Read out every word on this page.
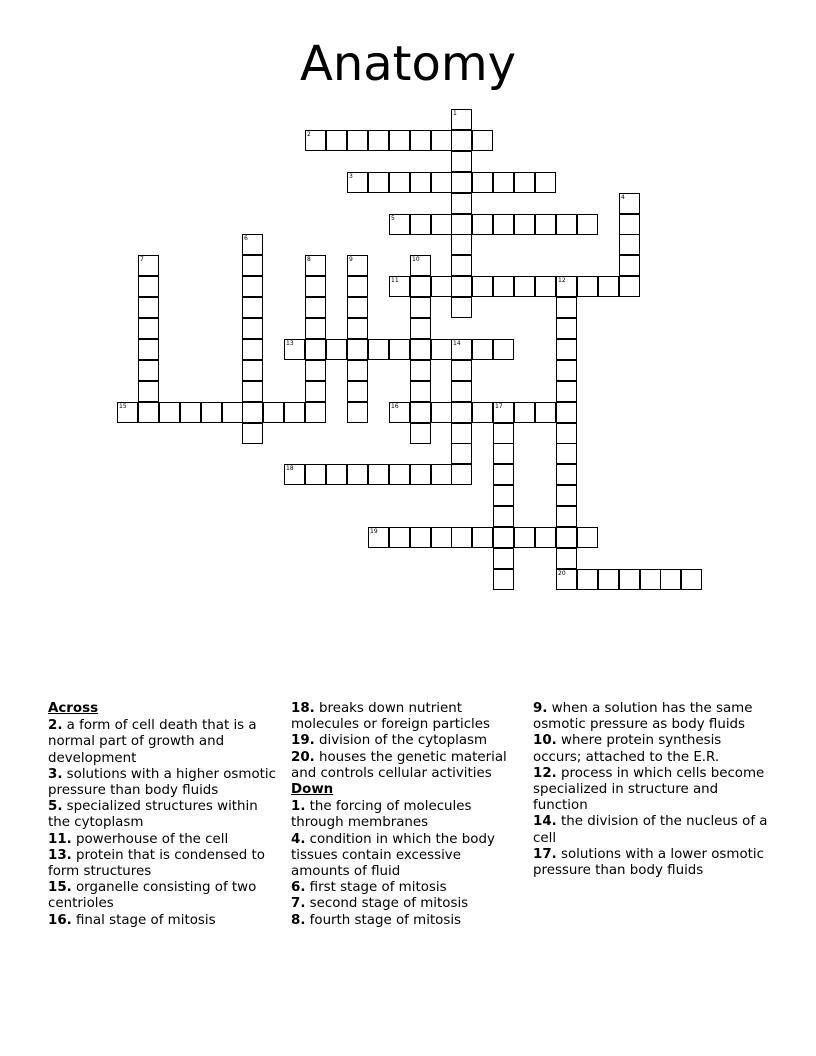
Anatomy
1
2
3
4
5
6
7	8	9	10
11	12
20
13	14
15	16	17
18
19
Across
2. a form of cell death that is a normal part of growth and development
3. solutions with a higher osmotic pressure than body fluids
5. specialized structures within the cytoplasm
11. powerhouse of the cell
13. protein that is condensed to form structures
15. organelle consisting of two centrioles
16. final stage of mitosis
18. breaks down nutrient molecules or foreign particles
19. division of the cytoplasm
20. houses the genetic material and controls cellular activities
Down
1. the forcing of molecules through membranes
4. condition in which the body tissues contain excessive amounts of fluid
6. first stage of mitosis
7. second stage of mitosis
8. fourth stage of mitosis
9. when a solution has the same osmotic pressure as body fluids
10. where protein synthesis occurs; attached to the E.R.
12. process in which cells become specialized in structure and function
14. the division of the nucleus of a cell
17. solutions with a lower osmotic pressure than body fluids
